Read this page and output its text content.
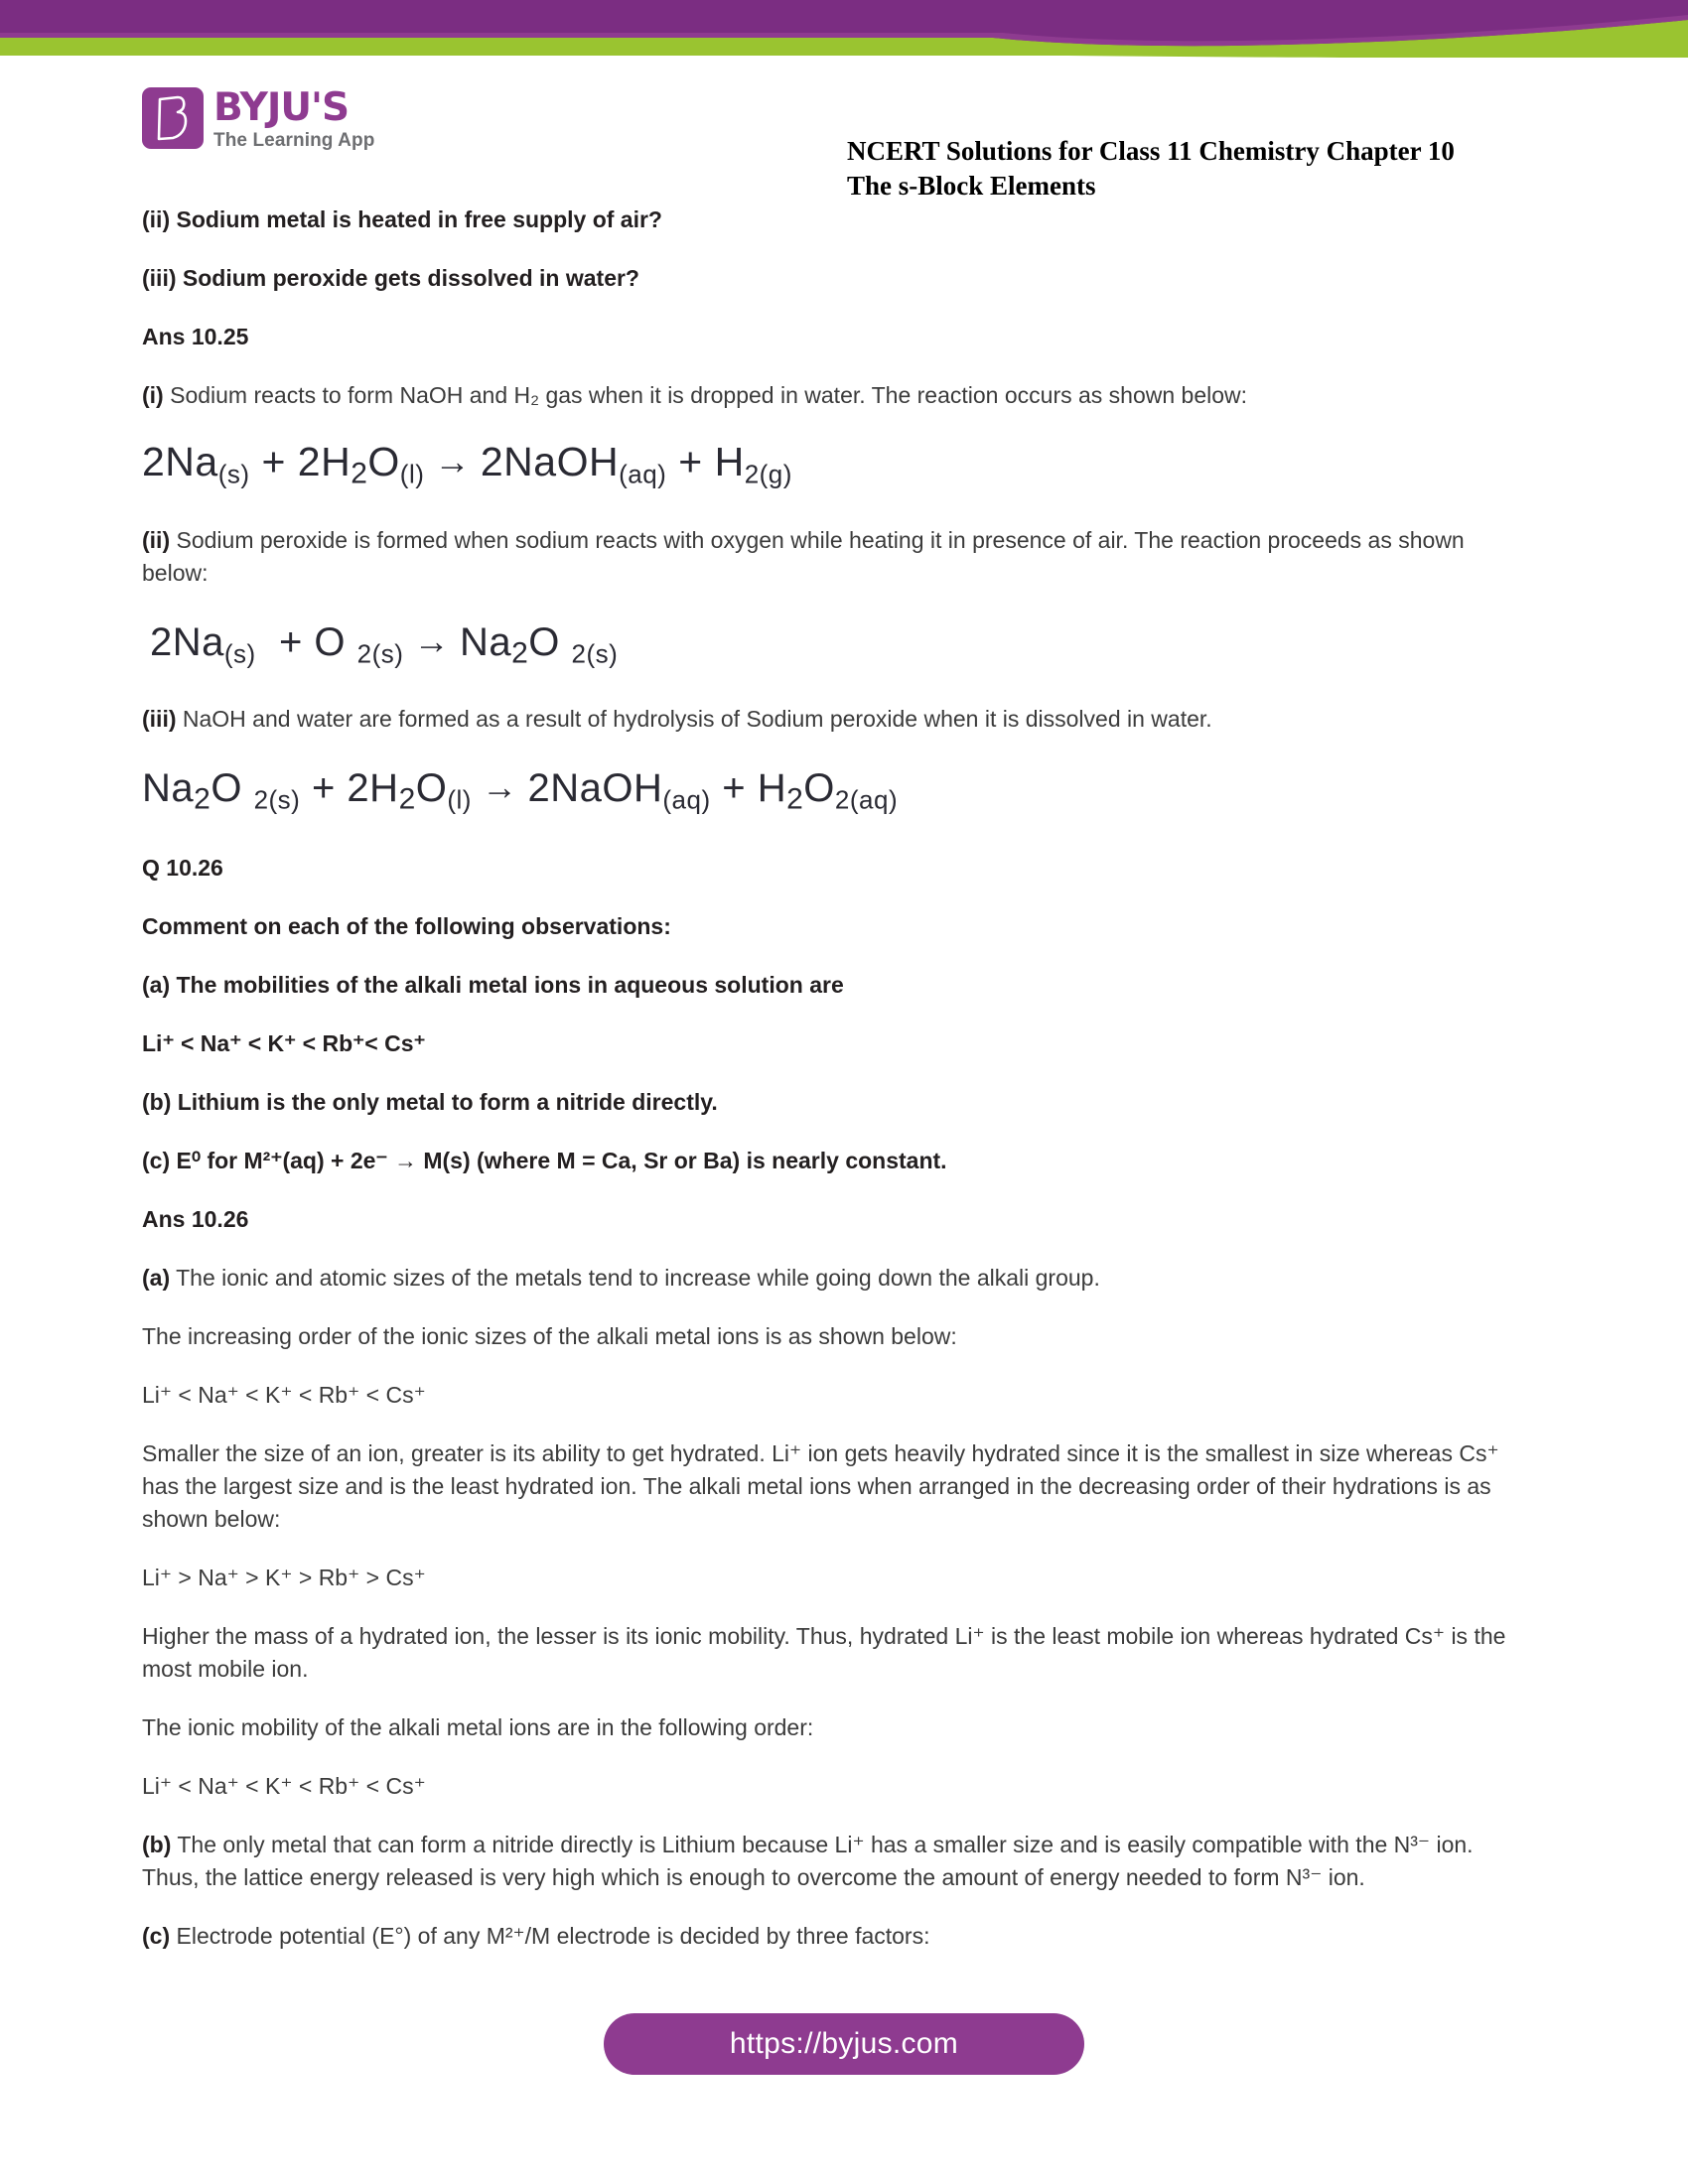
BYJU'S
The Learning App	NCERT Solutions for Class 11 Chemistry Chapter 10

The s-Block Elements

(ii) Sodium metal is heated in free supply of air?

(iii) Sodium peroxide gets dissolved in water?

Ans 10.25

(i) Sodium reacts to form NaOH and H₂ gas when it is dropped in water. The reaction occurs as shown below:

2Na(s) + 2H2O(l) → 2NaOH(aq) + H2(g)

(ii) Sodium peroxide is formed when sodium reacts with oxygen while heating it in presence of air. The reaction proceeds as shown below:

2Na(s)  + O 2(s) → Na2O 2(s)

(iii) NaOH and water are formed as a result of hydrolysis of Sodium peroxide when it is dissolved in water.

Na2O 2(s) + 2H2O(l) → 2NaOH(aq) + H2O2(aq)

Q 10.26

Comment on each of the following observations:

(a) The mobilities of the alkali metal ions in aqueous solution are

Li⁺ < Na⁺ < K⁺ < Rb⁺< Cs⁺

(b) Lithium is the only metal to form a nitride directly.

(c) E⁰ for M²⁺(aq) + 2e⁻ → M(s) (where M = Ca, Sr or Ba) is nearly constant.

Ans 10.26

(a) The ionic and atomic sizes of the metals tend to increase while going down the alkali group.

The increasing order of the ionic sizes of the alkali metal ions is as shown below:

Li⁺ < Na⁺ < K⁺ < Rb⁺ < Cs⁺

Smaller the size of an ion, greater is its ability to get hydrated. Li⁺ ion gets heavily hydrated since it is the smallest in size whereas Cs⁺ has the largest size and is the least hydrated ion. The alkali metal ions when arranged in the decreasing order of their hydrations is as shown below:

Li⁺ > Na⁺ > K⁺ > Rb⁺ > Cs⁺

Higher the mass of a hydrated ion, the lesser is its ionic mobility. Thus, hydrated Li⁺ is the least mobile ion whereas hydrated Cs⁺ is the most mobile ion.

The ionic mobility of the alkali metal ions are in the following order:

Li⁺ < Na⁺ < K⁺ < Rb⁺ < Cs⁺

(b) The only metal that can form a nitride directly is Lithium because Li⁺ has a smaller size and is easily compatible with the N³⁻ ion. Thus, the lattice energy released is very high which is enough to overcome the amount of energy needed to form N³⁻ ion.

(c) Electrode potential (E°) of any M²⁺/M electrode is decided by three factors:

https://byjus.com
